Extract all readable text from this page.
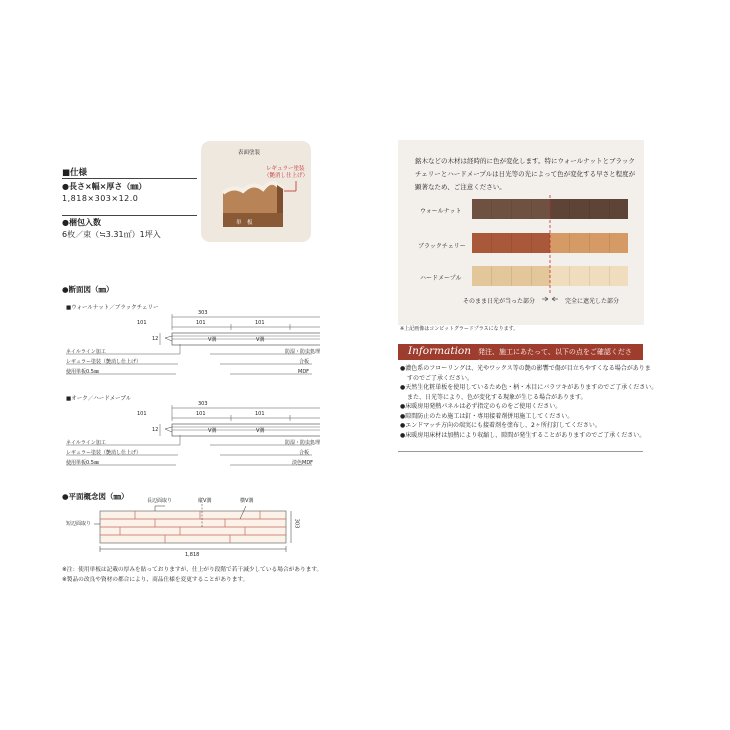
■仕様
●長さ×幅×厚さ（㎜）
1,818×303×12.0
●梱包入数
6枚／束（≒3.31㎡）1坪入
表面塗装
レギュラー塗装
（艶消し仕上げ）
単　板
●断面図（㎜）
■ウォールナット／ブラックチェリー
303
101	101	101
12	V溝	V溝
ネイルライン加工
レギュラー塗装（艶消し仕上げ）
使用単板0.5㎜
防湿・防虫処理
合板
MDF
■オーク／ハードメープル
303
101	101	101
12	V溝	V溝
ネイルライン加工
レギュラー塗装（艶消し仕上げ）
使用単板0.5㎜
防湿・防虫処理
合板
淡色MDF
●平面概念図（㎜）	長辺面取り	縦V溝	横V溝
短辺面取り	303
1,818
※注：使用単板は記載の厚みを貼っておりますが、仕上がり段階で若干減少している場合があります。
※製品の改良や資材の都合により、商品仕様を変更することがあります。
銘木などの木材は経時的に色が変化します。特にウォールナットとブラック
チェリーとハードメープルは日光等の光によって色が変化する早さと程度が
顕著なため、ご注意ください。
ウォールナット
ブラックチェリー
ハードメープル
そのまま日光が当った部分	完全に遮光した部分
※上記画像はコンビットグラードプラスになります。
Information 発注、施工にあたって、以下の点をご確認ください。
●濃色系のフローリングは、光やワックス等の艶の影響で傷が目立ちやすくなる場合がありま
すのでご了承ください。
●天然生化粧単板を使用しているため色・柄・木目にバラツキがありますのでご了承ください。
また、日光等により、色が変化する現象が生じる場合があります。
●床暖房用発熱パネルは必ず指定のものをご使用ください。
●隙間防止のため施工は釘・専用接着剤併用施工してください。
●エンドマッチ方向の端実にも接着剤を塗布し、2ヶ所打釘してください。
●床暖房用床材は加熱により収縮し、隙間が発生することがありますのでご了承ください。
